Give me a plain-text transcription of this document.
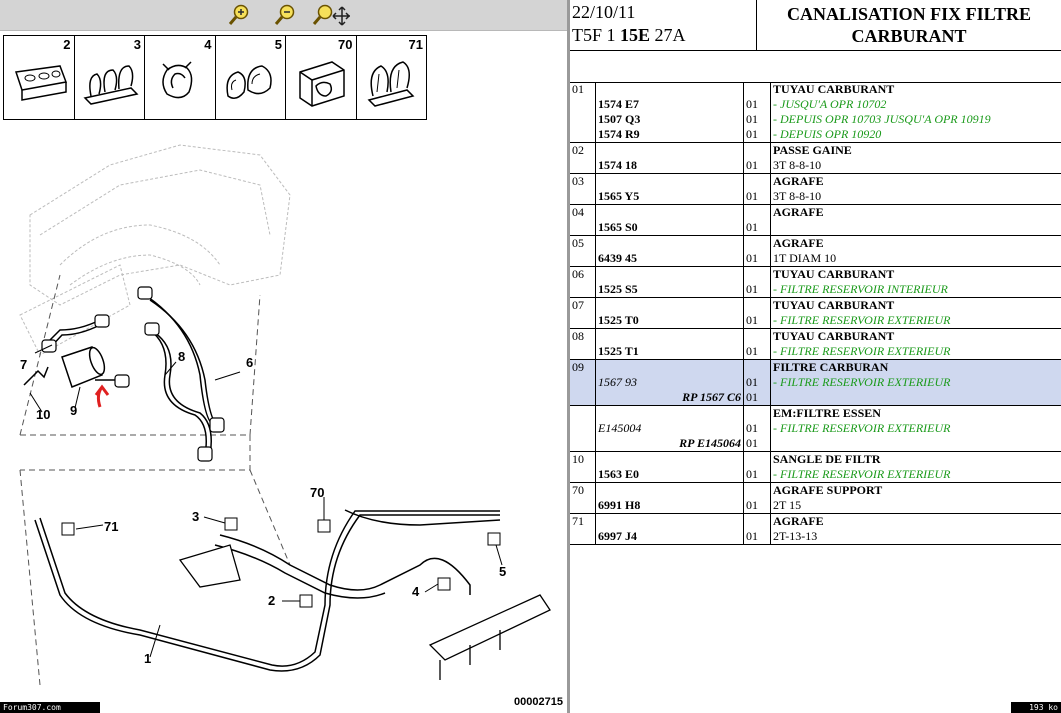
2	3	4	5	70	71
7
10 9
8	6
71
3
70
2
4
5
1
00002715
Forum307.com
22/10/11
T5F 1 15E 27A
CANALISATION FIX FILTRE
CARBURANT
01			TUYAU CARBURANT
	1574 E7	01	- JUSQU'A OPR 10702
	1507 Q3	01	- DEPUIS OPR 10703 JUSQU'A OPR 10919
	1574 R9	01	- DEPUIS OPR 10920
02			PASSE GAINE
	1574 18	01	3T 8-8-10
03			AGRAFE
	1565 Y5	01	3T 8-8-10
04			AGRAFE
	1565 S0	01	
05			AGRAFE
	6439 45	01	1T DIAM 10
06			TUYAU CARBURANT
	1525 S5	01	- FILTRE RESERVOIR INTERIEUR
07			TUYAU CARBURANT
	1525 T0	01	- FILTRE RESERVOIR EXTERIEUR
08			TUYAU CARBURANT
	1525 T1	01	- FILTRE RESERVOIR EXTERIEUR
09			FILTRE CARBURAN
	1567 93	01	- FILTRE RESERVOIR EXTERIEUR
	RP 1567 C6	01	
			EM:FILTRE ESSEN
	E145004	01	- FILTRE RESERVOIR EXTERIEUR
	RP E145064	01	
10			SANGLE DE FILTR
	1563 E0	01	- FILTRE RESERVOIR EXTERIEUR
70			AGRAFE SUPPORT
	6991 H8	01	2T 15
71			AGRAFE
	6997 J4	01	2T-13-13
193 ko
